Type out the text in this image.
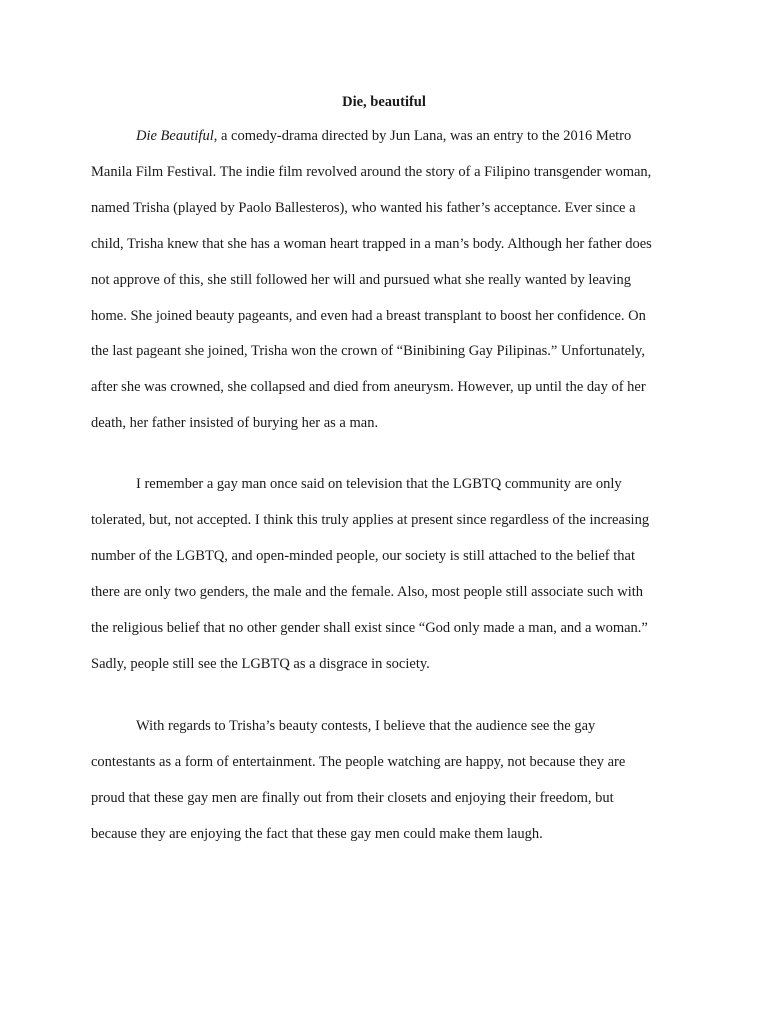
Die, beautiful

Die Beautiful, a comedy-drama directed by Jun Lana, was an entry to the 2016 Metro
Manila Film Festival. The indie film revolved around the story of a Filipino transgender woman,
named Trisha (played by Paolo Ballesteros), who wanted his father’s acceptance. Ever since a
child, Trisha knew that she has a woman heart trapped in a man’s body. Although her father does
not approve of this, she still followed her will and pursued what she really wanted by leaving
home. She joined beauty pageants, and even had a breast transplant to boost her confidence. On
the last pageant she joined, Trisha won the crown of “Binibining Gay Pilipinas.” Unfortunately,
after she was crowned, she collapsed and died from aneurysm. However, up until the day of her
death, her father insisted of burying her as a man.

I remember a gay man once said on television that the LGBTQ community are only
tolerated, but, not accepted. I think this truly applies at present since regardless of the increasing
number of the LGBTQ, and open-minded people, our society is still attached to the belief that
there are only two genders, the male and the female. Also, most people still associate such with
the religious belief that no other gender shall exist since “God only made a man, and a woman.”
Sadly, people still see the LGBTQ as a disgrace in society.

With regards to Trisha’s beauty contests, I believe that the audience see the gay
contestants as a form of entertainment. The people watching are happy, not because they are
proud that these gay men are finally out from their closets and enjoying their freedom, but
because they are enjoying the fact that these gay men could make them laugh.
